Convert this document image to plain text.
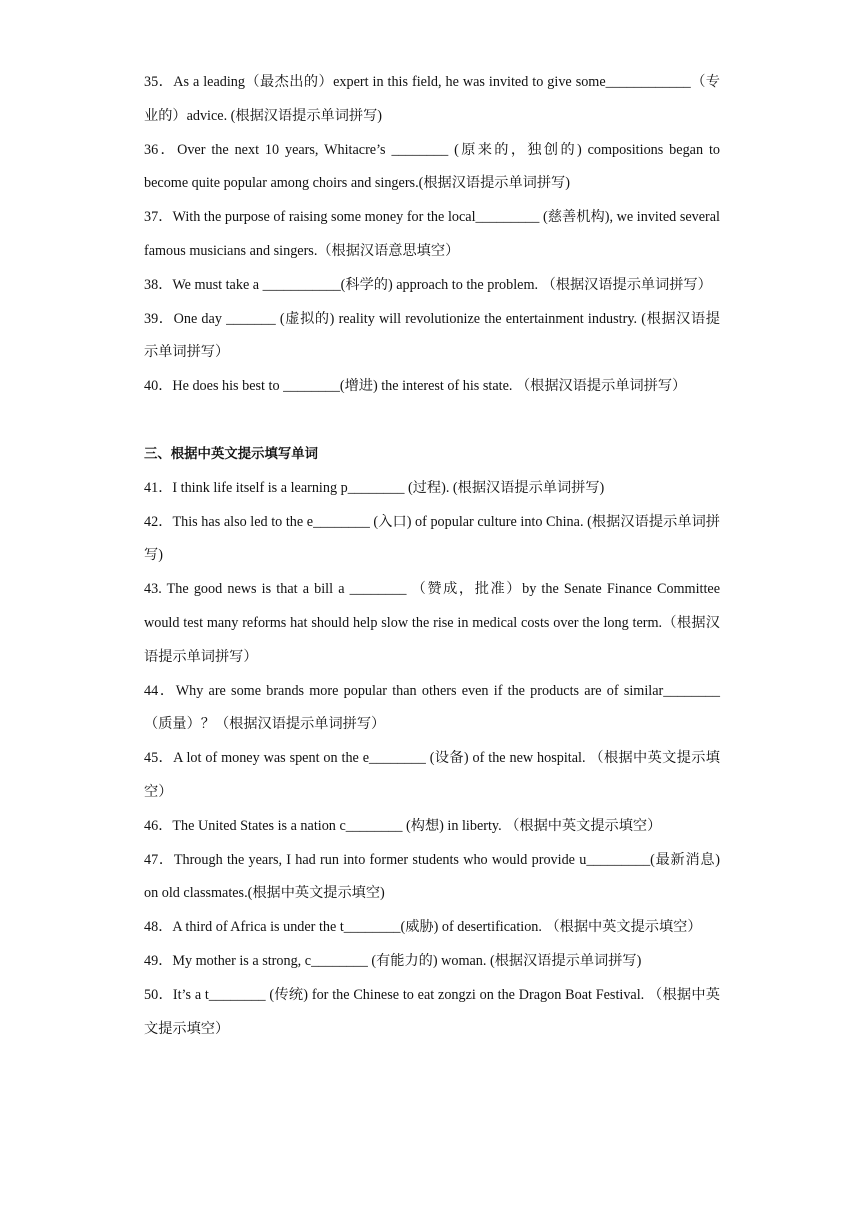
35．As a leading（最杰出的）expert in this field, he was invited to give some____________（专业的）advice. (根据汉语提示单词拼写)

36．Over the next 10 years, Whitacre’s ________ (原来的，独创的) compositions began to become quite popular among choirs and singers.(根据汉语提示单词拼写)

37．With the purpose of raising some money for the local_________ (慈善机构), we invited several famous musicians and singers.（根据汉语意思填空）

38．We must take a ___________(科学的) approach to the problem. （根据汉语提示单词拼写）

39．One day _______ (虚拟的) reality will revolutionize the entertainment industry. (根据汉语提示单词拼写）

40．He does his best to ________(增进) the interest of his state. （根据汉语提示单词拼写）

三、根据中英文提示填写单词

41．I think life itself is a learning p________ (过程). (根据汉语提示单词拼写)

42．This has also led to the e________ (入口) of popular culture into China. (根据汉语提示单词拼写)

43. The good news is that a bill a ________ （赞成，批准）by the Senate Finance Committee would test many reforms hat should help slow the rise in medical costs over the long term.（根据汉语提示单词拼写）

44．Why are some brands more popular than others even if the products are of similar________（质量）？（根据汉语提示单词拼写）

45．A lot of money was spent on the e________ (设备) of the new hospital. （根据中英文提示填空）

46．The United States is a nation c________ (构想) in liberty. （根据中英文提示填空）

47．Through the years, I had run into former students who would provide u_________(最新消息) on old classmates.(根据中英文提示填空)

48．A third of Africa is under the t________(威胁) of desertification. （根据中英文提示填空）

49．My mother is a strong, c________ (有能力的) woman. (根据汉语提示单词拼写)

50．It’s a t________ (传统) for the Chinese to eat zongzi on the Dragon Boat Festival. （根据中英文提示填空）
